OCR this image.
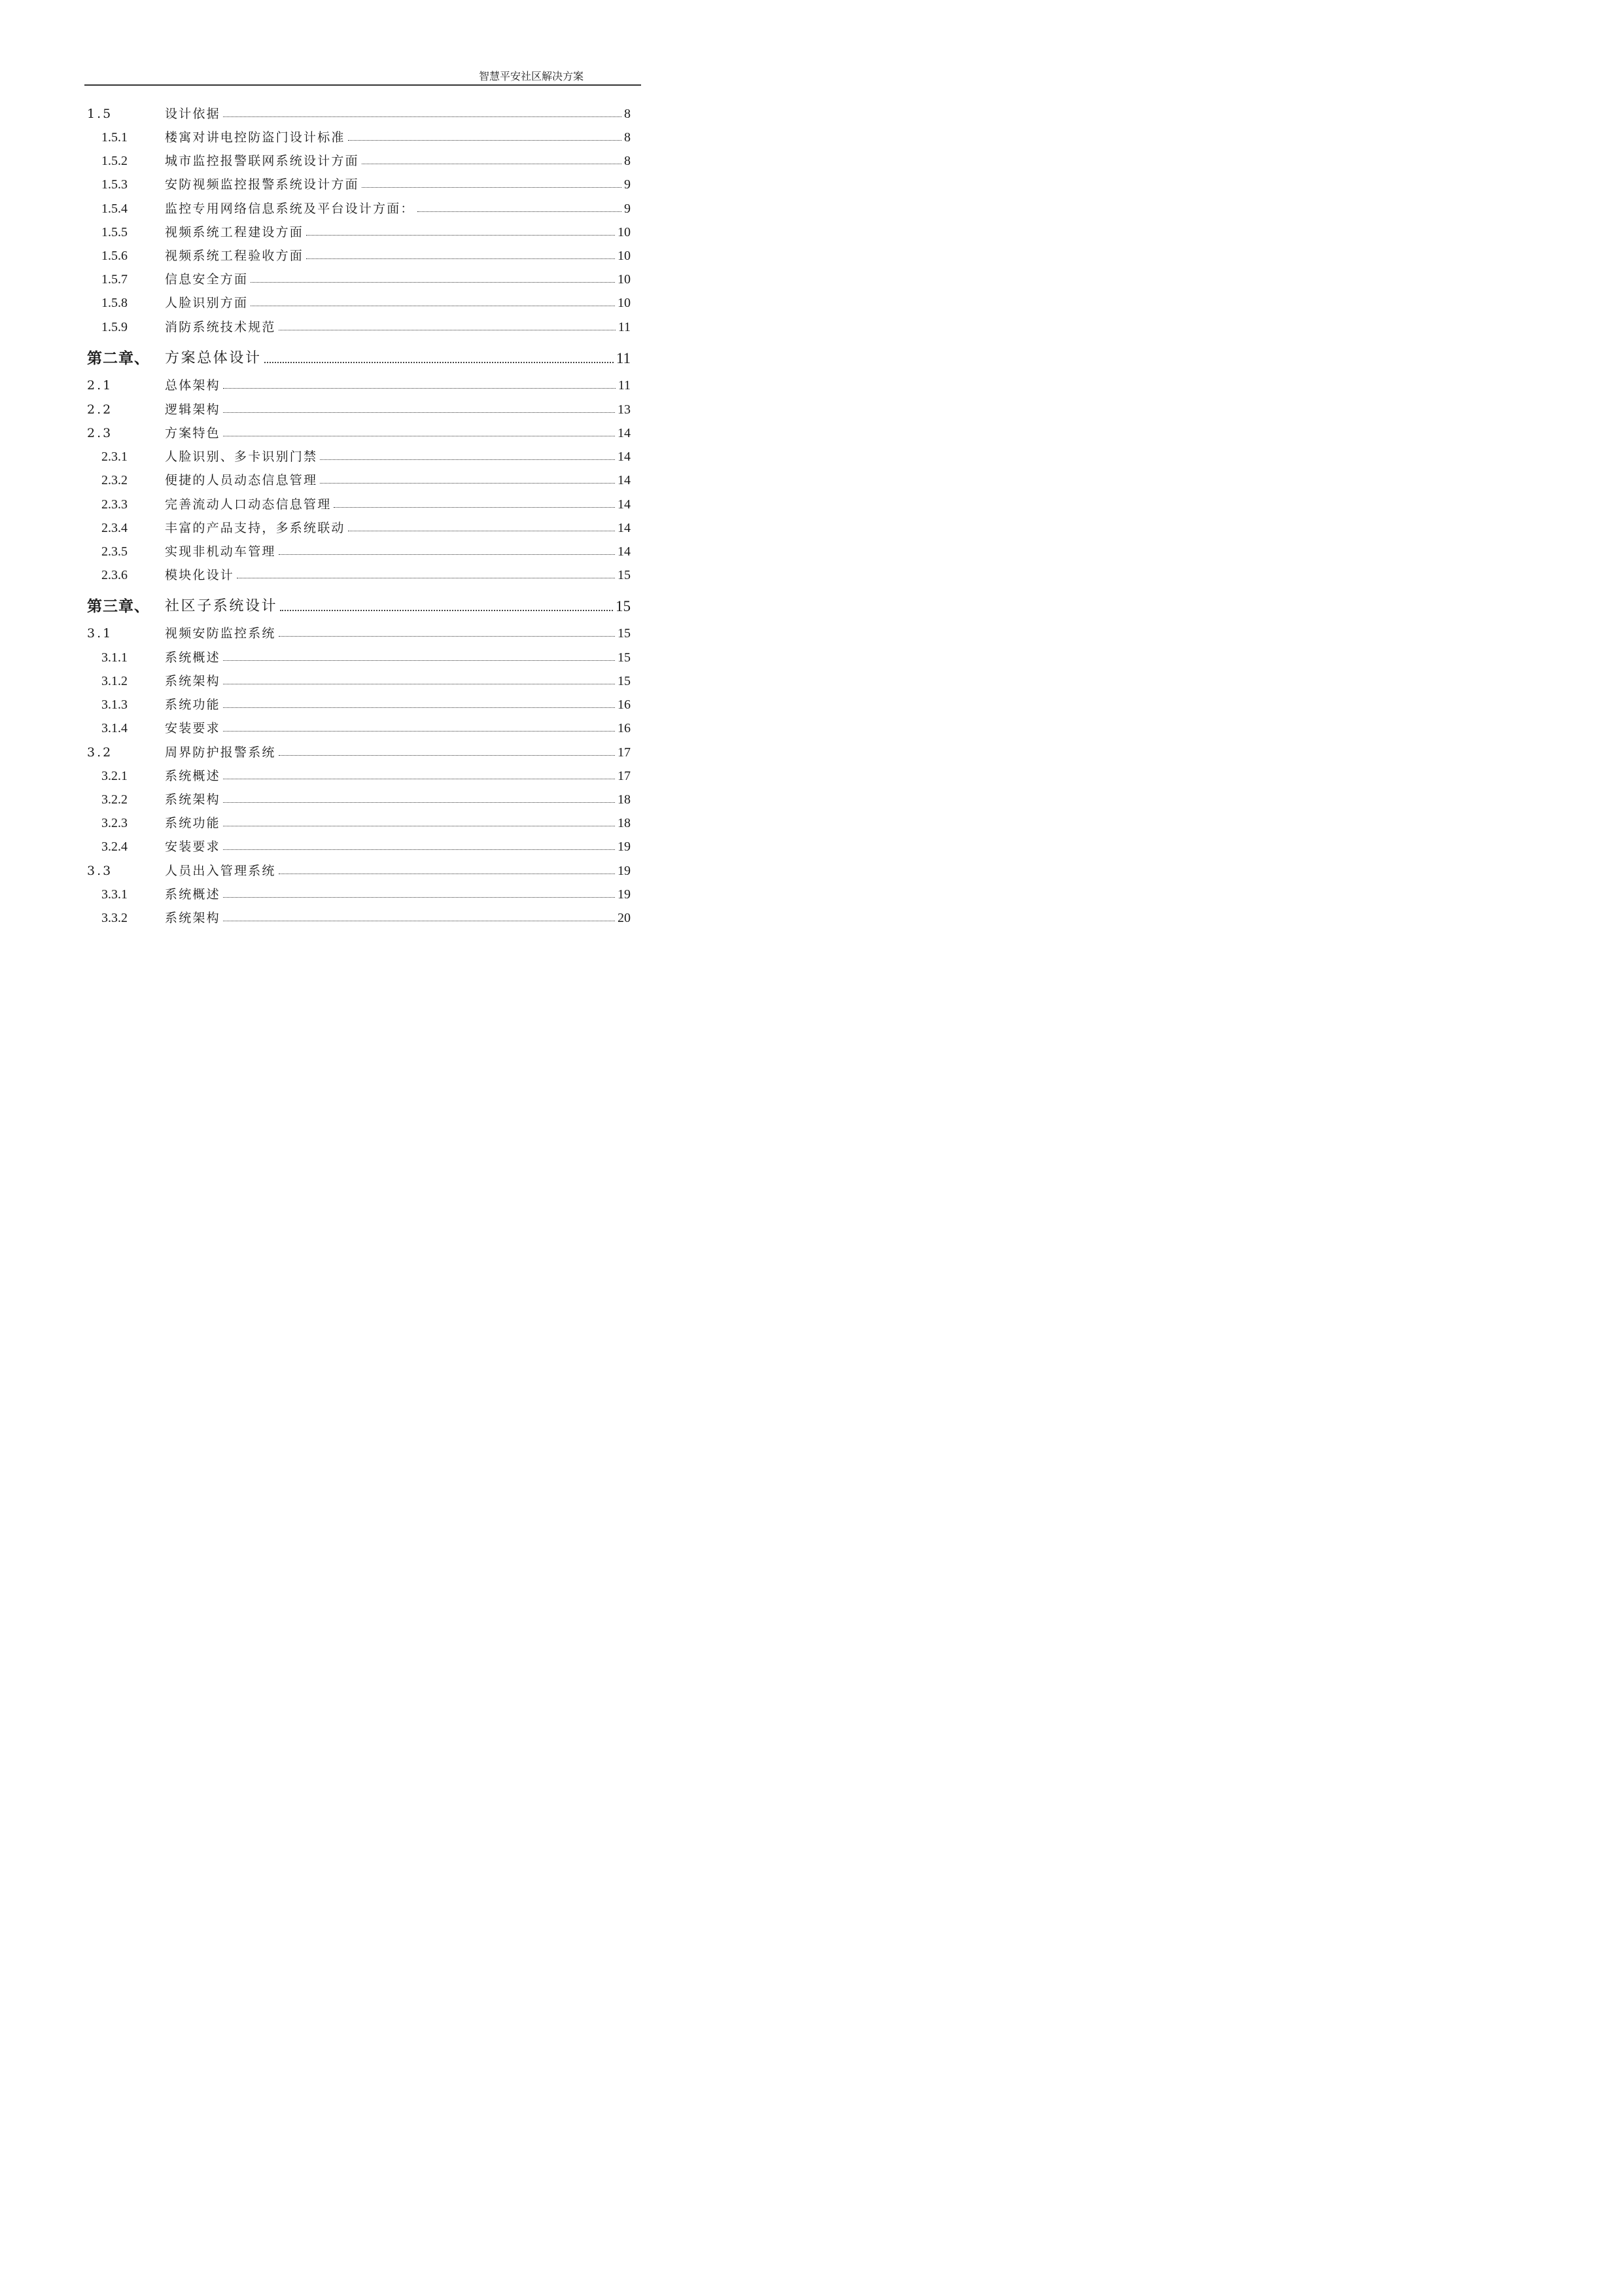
智慧平安社区解决方案
1.5	设计依据	8
1.5.1	楼寓对讲电控防盗门设计标准	8
1.5.2	城市监控报警联网系统设计方面	8
1.5.3	安防视频监控报警系统设计方面	9
1.5.4	监控专用网络信息系统及平台设计方面：	9
1.5.5	视频系统工程建设方面	10
1.5.6	视频系统工程验收方面	10
1.5.7	信息安全方面	10
1.5.8	人脸识别方面	10
1.5.9	消防系统技术规范	11
第二章、 方案总体设计	11
2.1	总体架构	11
2.2	逻辑架构	13
2.3	方案特色	14
2.3.1	人脸识别、多卡识别门禁	14
2.3.2	便捷的人员动态信息管理	14
2.3.3	完善流动人口动态信息管理	14
2.3.4	丰富的产品支持，多系统联动	14
2.3.5	实现非机动车管理	14
2.3.6	模块化设计	15
第三章、 社区子系统设计	15
3.1	视频安防监控系统	15
3.1.1	系统概述	15
3.1.2	系统架构	15
3.1.3	系统功能	16
3.1.4	安装要求	16
3.2	周界防护报警系统	17
3.2.1	系统概述	17
3.2.2	系统架构	18
3.2.3	系统功能	18
3.2.4	安装要求	19
3.3	人员出入管理系统	19
3.3.1	系统概述	19
3.3.2	系统架构	20
